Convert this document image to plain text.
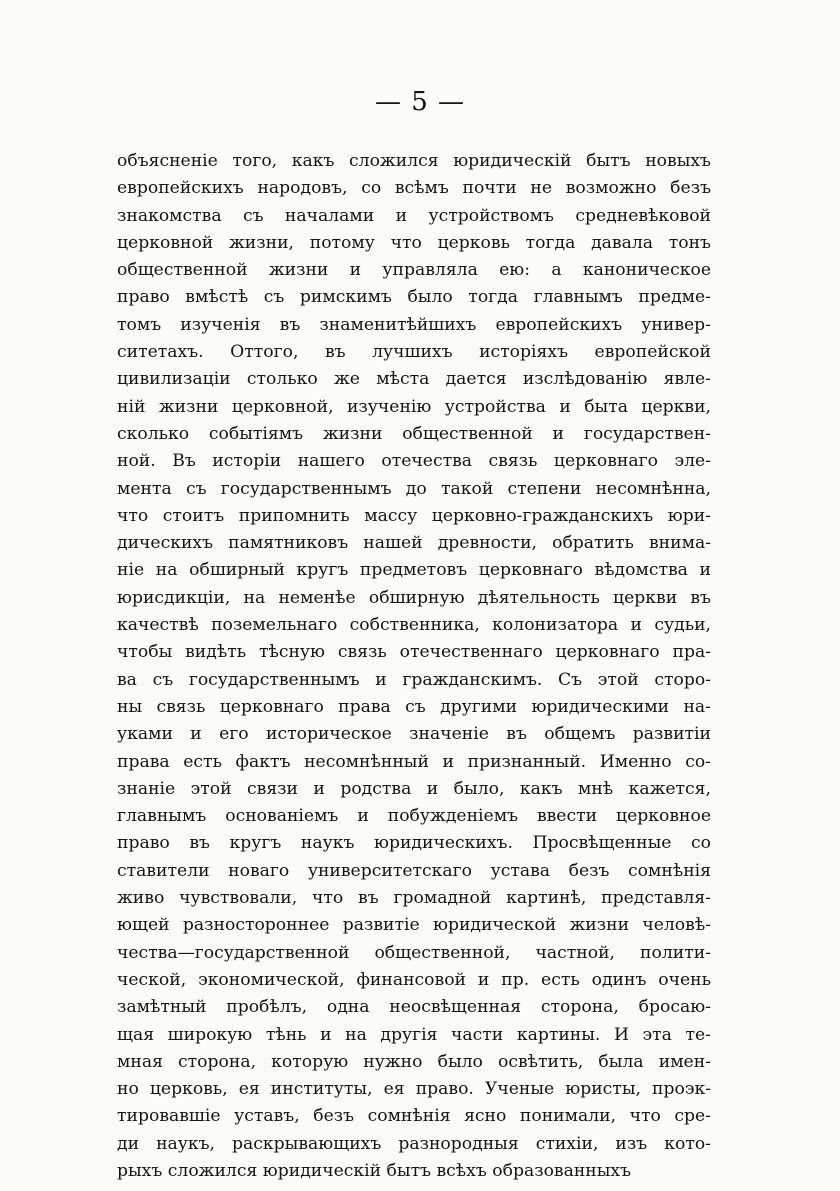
— 5 —
объясненіе того, какъ сложился юридическій бытъ новыхъ
европейскихъ народовъ, со всѣмъ почти не возможно безъ
знакомства съ началами и устройствомъ средневѣковой
церковной жизни, потому что церковь тогда давала тонъ
общественной жизни и управляла ею: а каноническое
право вмѣстѣ съ римскимъ было тогда главнымъ предме-
томъ изученія въ знаменитѣйшихъ европейскихъ универ-
ситетахъ. Оттого, въ лучшихъ исторіяхъ европейской
цивилизаціи столько же мѣста дается изслѣдованію явле-
ній жизни церковной, изученію устройства и быта церкви,
сколько событіямъ жизни общественной и государствен-
ной. Въ исторіи нашего отечества связь церковнаго эле-
мента съ государственнымъ до такой степени несомнѣнна,
что стоитъ припомнить массу церковно-гражданскихъ юри-
дическихъ памятниковъ нашей древности, обратить внима-
ніе на обширный кругъ предметовъ церковнаго вѣдомства и
юрисдикціи, на неменѣе обширную дѣятельность церкви въ
качествѣ поземельнаго собственника, колонизатора и судьи,
чтобы видѣть тѣсную связь отечественнаго церковнаго пра-
ва съ государственнымъ и гражданскимъ. Съ этой сторо-
ны связь церковнаго права съ другими юридическими на-
уками и его историческое значеніе въ общемъ развитіи
права есть фактъ несомнѣнный и признанный. Именно со-
знаніе этой связи и родства и было, какъ мнѣ кажется,
главнымъ основаніемъ и побужденіемъ ввести церковное
право въ кругъ наукъ юридическихъ. Просвѣщенные со
ставители новаго университетскаго устава безъ сомнѣнія
живо чувствовали, что въ громадной картинѣ, представля-
ющей разностороннее развитіе юридической жизни человѣ-
чества—государственной общественной, частной, полити-
ческой, экономической, финансовой и пр. есть одинъ очень
замѣтный пробѣлъ, одна неосвѣщенная сторона, бросаю-
щая широкую тѣнь и на другія части картины. И эта те-
мная сторона, которую нужно было освѣтить, была имен-
но церковь, ея институты, ея право. Ученые юристы, проэк-
тировавшіе уставъ, безъ сомнѣнія ясно понимали, что сре-
ди наукъ, раскрывающихъ разнородныя стихіи, изъ кото-
рыхъ сложился юридическій бытъ всѣхъ образованныхъ
